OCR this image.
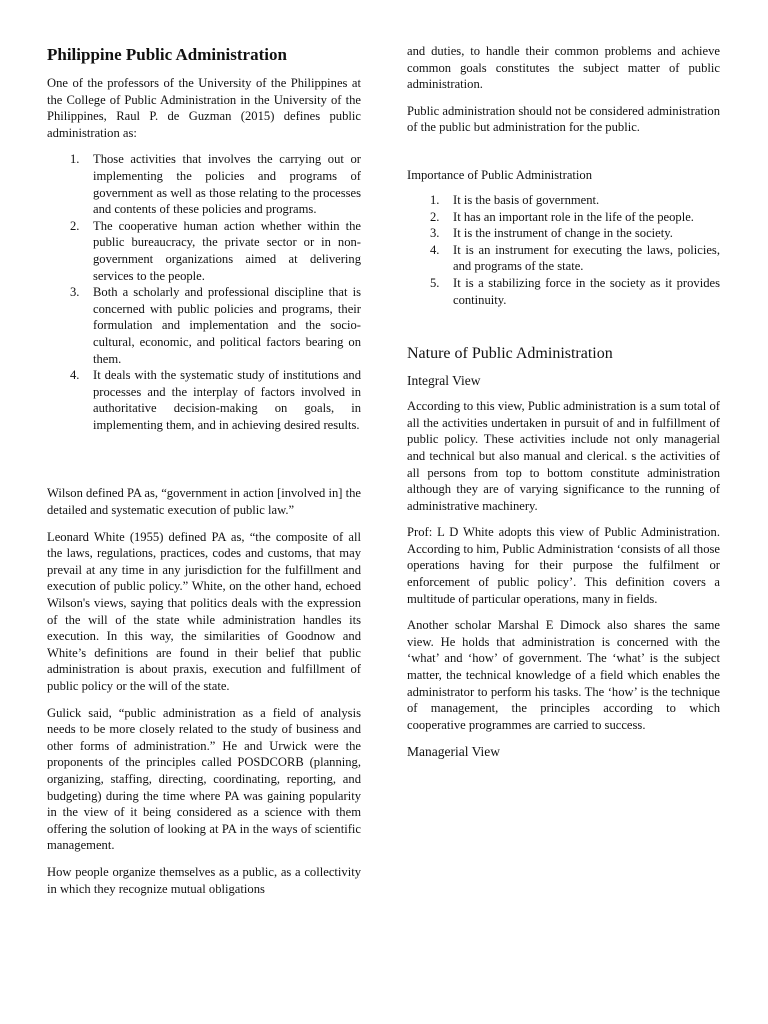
Philippine Public Administration

One of the professors of the University of the Philippines at the College of Public Administration in the University of the Philippines, Raul P. de Guzman (2015) defines public administration as:

1. Those activities that involves the carrying out or implementing the policies and programs of government as well as those relating to the processes and contents of these policies and programs.
2. The cooperative human action whether within the public bureaucracy, the private sector or in non-government organizations aimed at delivering services to the people.
3. Both a scholarly and professional discipline that is concerned with public policies and programs, their formulation and implementation and the socio-cultural, economic, and political factors bearing on them.
4. It deals with the systematic study of institutions and processes and the interplay of factors involved in authoritative decision-making on goals, in implementing them, and in achieving desired results.

Wilson defined PA as, “government in action [involved in] the detailed and systematic execution of public law.”

Leonard White (1955) defined PA as, “the composite of all the laws, regulations, practices, codes and customs, that may prevail at any time in any jurisdiction for the fulfillment and execution of public policy.” White, on the other hand, echoed Wilson's views, saying that politics deals with the expression of the will of the state while administration handles its execution. In this way, the similarities of Goodnow and White’s definitions are found in their belief that public administration is about praxis, execution and fulfillment of public policy or the will of the state.

Gulick said, “public administration as a field of analysis needs to be more closely related to the study of business and other forms of administration.” He and Urwick were the proponents of the principles called POSDCORB (planning, organizing, staffing, directing, coordinating, reporting, and budgeting) during the time where PA was gaining popularity in the view of it being considered as a science with them offering the solution of looking at PA in the ways of scientific management.

How people organize themselves as a public, as a collectivity in which they recognize mutual obligations

and duties, to handle their common problems and achieve common goals constitutes the subject matter of public administration.

Public administration should not be considered administration of the public but administration for the public.

Importance of Public Administration
1. It is the basis of government.
2. It has an important role in the life of the people.
3. It is the instrument of change in the society.
4. It is an instrument for executing the laws, policies, and programs of the state.
5. It is a stabilizing force in the society as it provides continuity.
Nature of Public Administration
Integral View

According to this view, Public administration is a sum total of all the activities undertaken in pursuit of and in fulfillment of public policy. These activities include not only managerial and technical but also manual and clerical. s the activities of all persons from top to bottom constitute administration although they are of varying significance to the running of administrative machinery.

Prof: L D White adopts this view of Public Administration. According to him, Public Administration ‘consists of all those operations having for their purpose the fulfilment or enforcement of public policy’. This definition covers a multitude of particular operations, many in fields.

Another scholar Marshal E Dimock also shares the same view. He holds that administration is concerned with the ‘what’ and ‘how’ of government. The ‘what’ is the subject matter, the technical knowledge of a field which enables the administrator to perform his tasks. The ‘how’ is the technique of management, the principles according to which cooperative programmes are carried to success.

Managerial View
